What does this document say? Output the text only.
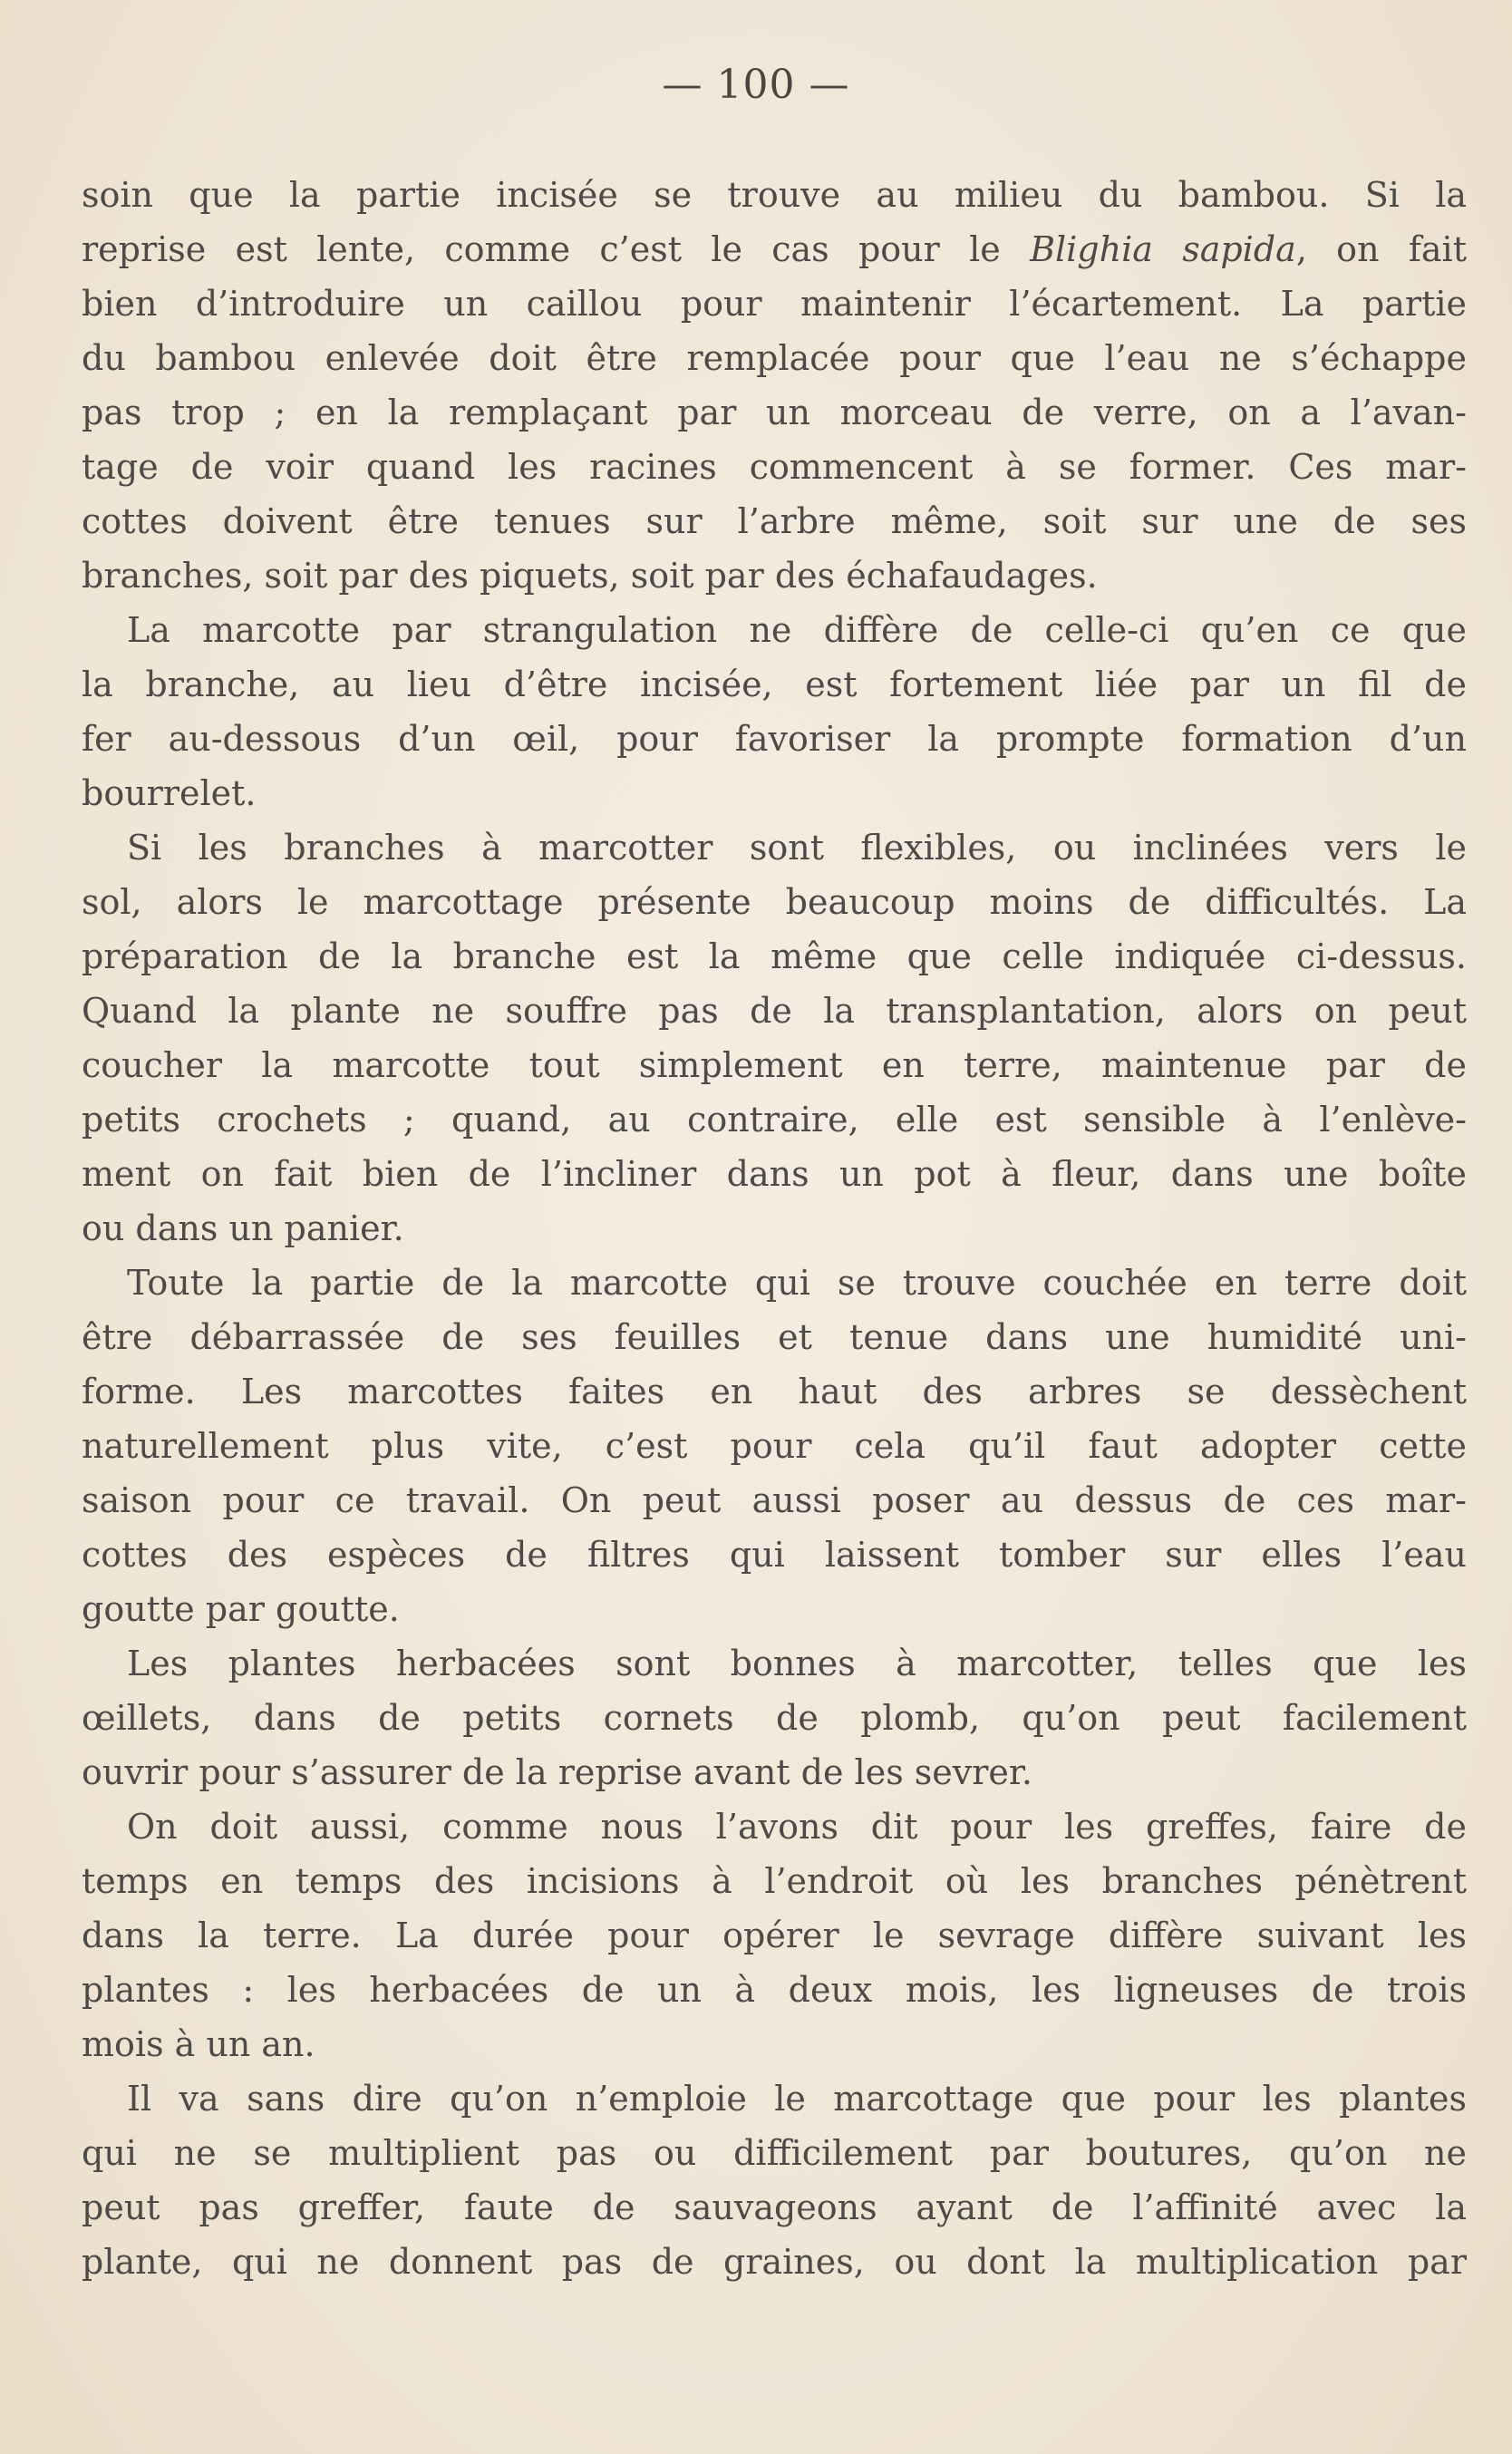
— 100 —
soin que la partie incisée se trouve au milieu du bambou. Si la
reprise est lente, comme c’est le cas pour le Blighia sapida, on fait
bien d’introduire un caillou pour maintenir l’écartement. La partie
du bambou enlevée doit être remplacée pour que l’eau ne s’échappe
pas trop ; en la remplaçant par un morceau de verre, on a l’avan-
tage de voir quand les racines commencent à se former. Ces mar-
cottes doivent être tenues sur l’arbre même, soit sur une de ses
branches, soit par des piquets, soit par des échafaudages.
La marcotte par strangulation ne diffère de celle-ci qu’en ce que
la branche, au lieu d’être incisée, est fortement liée par un fil de
fer au-dessous d’un œil, pour favoriser la prompte formation d’un
bourrelet.
Si les branches à marcotter sont flexibles, ou inclinées vers le
sol, alors le marcottage présente beaucoup moins de difficultés. La
préparation de la branche est la même que celle indiquée ci-dessus.
Quand la plante ne souffre pas de la transplantation, alors on peut
coucher la marcotte tout simplement en terre, maintenue par de
petits crochets ; quand, au contraire, elle est sensible à l’enlève-
ment on fait bien de l’incliner dans un pot à fleur, dans une boîte
ou dans un panier.
Toute la partie de la marcotte qui se trouve couchée en terre doit
être débarrassée de ses feuilles et tenue dans une humidité uni-
forme. Les marcottes faites en haut des arbres se dessèchent
naturellement plus vite, c’est pour cela qu’il faut adopter cette
saison pour ce travail. On peut aussi poser au dessus de ces mar-
cottes des espèces de filtres qui laissent tomber sur elles l’eau
goutte par goutte.
Les plantes herbacées sont bonnes à marcotter, telles que les
œillets, dans de petits cornets de plomb, qu’on peut facilement
ouvrir pour s’assurer de la reprise avant de les sevrer.
On doit aussi, comme nous l’avons dit pour les greffes, faire de
temps en temps des incisions à l’endroit où les branches pénètrent
dans la terre. La durée pour opérer le sevrage diffère suivant les
plantes : les herbacées de un à deux mois, les ligneuses de trois
mois à un an.
Il va sans dire qu’on n’emploie le marcottage que pour les plantes
qui ne se multiplient pas ou difficilement par boutures, qu’on ne
peut pas greffer, faute de sauvageons ayant de l’affinité avec la
plante, qui ne donnent pas de graines, ou dont la multiplication par
